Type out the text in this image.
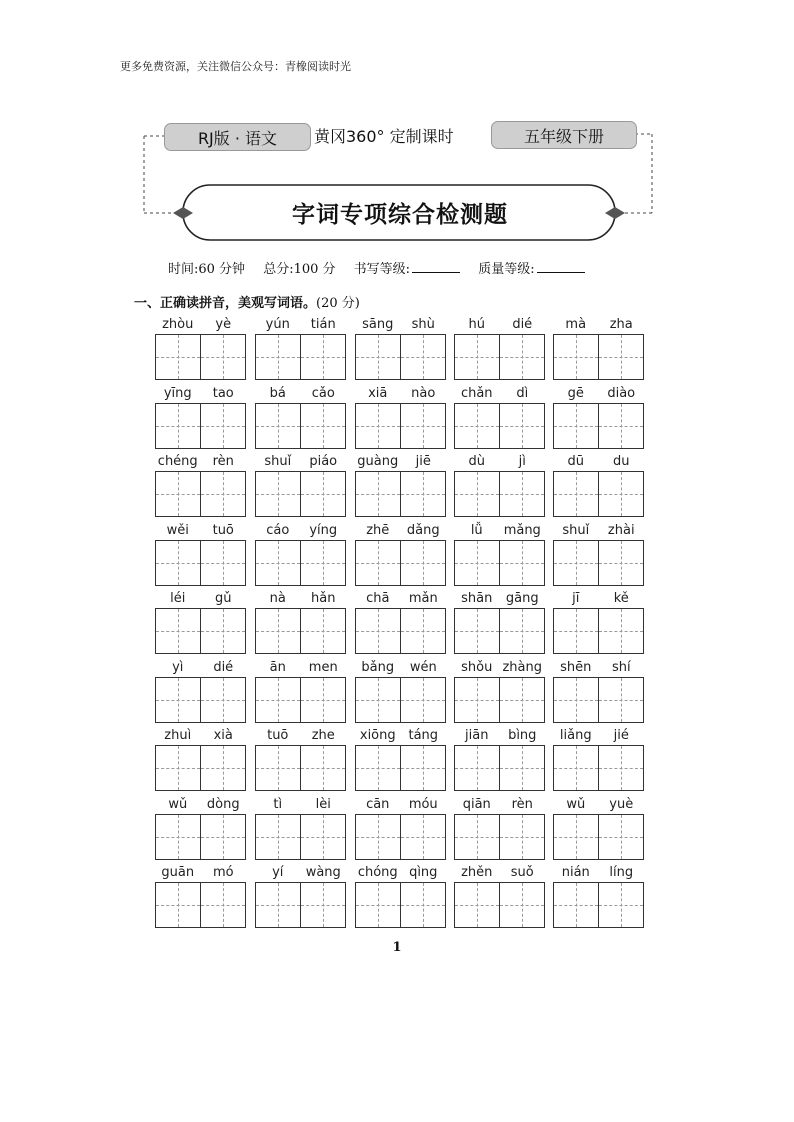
更多免费资源，关注微信公众号：青橡阅读时光
RJ版 · 语文	黄冈360° 定制课时	五年级下册
字词专项综合检测题
时间:60 分钟 总分:100 分 书写等级:	质量等级:
一、正确读拼音，美观写词语。(20 分)
zhòu	yè	yún	tián	sāng	shù	hú	dié	mà	zha
yīng	tao	bá	cǎo	xiā	nào	chǎn	dì	gē	diào
chéng	rèn	shuǐ	piáo	guàng	jiē	dù	jì	dū	du
wěi	tuō	cáo	yíng	zhē	dǎng	lǚ	mǎng	shuǐ	zhài
léi	gǔ	nà	hǎn	chā	mǎn	shān	gāng	jī	kě
yì	dié	ān	men	bǎng	wén	shǒu zhàng	shēn	shí
zhuì	xià	tuō	zhe	xiōng táng	jiān	bìng	liǎng	jié
wǔ	dòng	tì	lèi	cān	móu	qiān	rèn	wǔ	yuè
guān	mó	yí	wàng	chóng qìng	zhěn	suǒ	nián	líng
1
